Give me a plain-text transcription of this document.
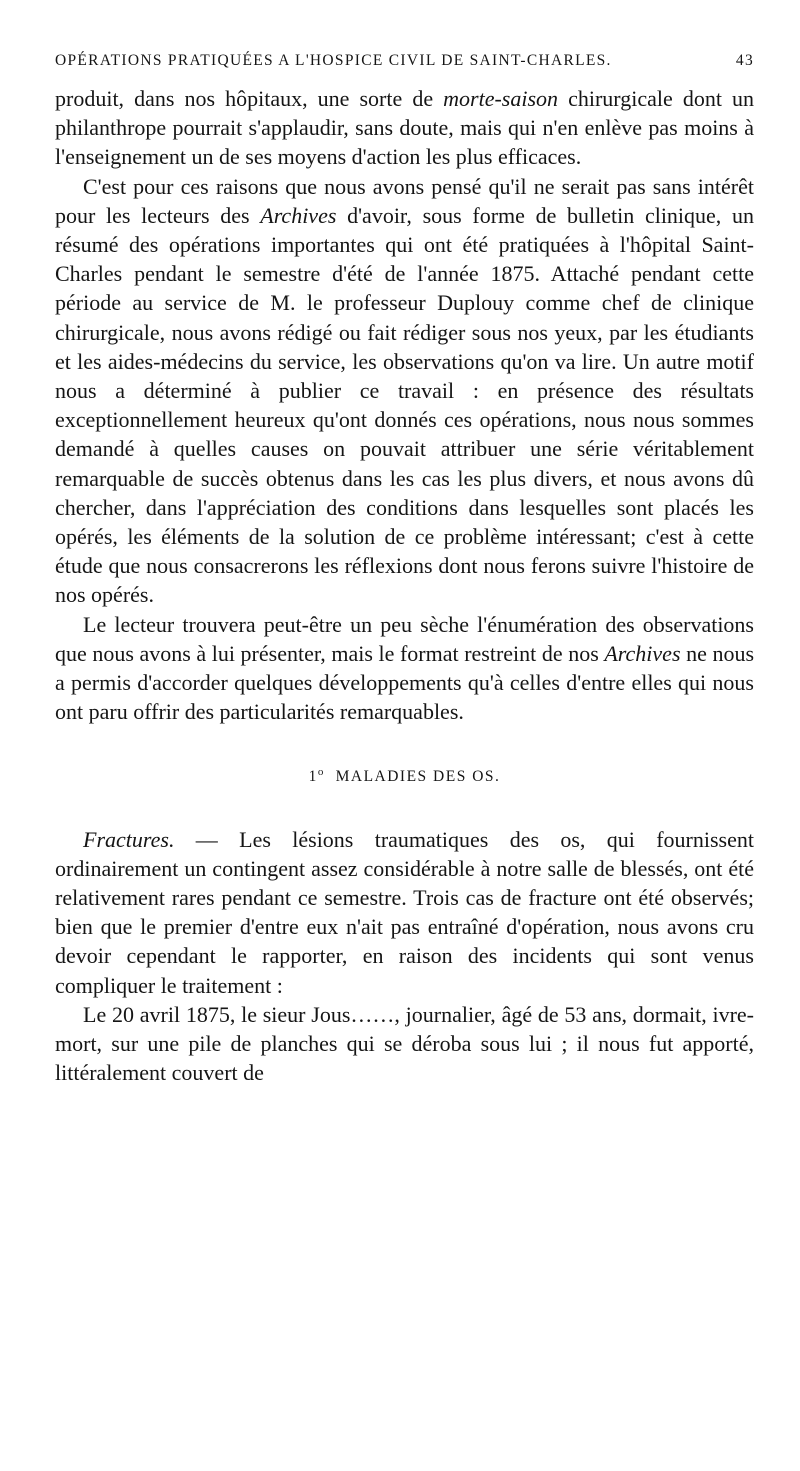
OPÉRATIONS PRATIQUÉES A L'HOSPICE CIVIL DE SAINT-CHARLES.	43

produit, dans nos hôpitaux, une sorte de morte-saison chirurgicale dont un philanthrope pourrait s'applaudir, sans doute, mais qui n'en enlève pas moins à l'enseignement un de ses moyens d'action les plus efficaces.

C'est pour ces raisons que nous avons pensé qu'il ne serait pas sans intérêt pour les lecteurs des Archives d'avoir, sous forme de bulletin clinique, un résumé des opérations importantes qui ont été pratiquées à l'hôpital Saint-Charles pendant le semestre d'été de l'année 1875. Attaché pendant cette période au service de M. le professeur Duplouy comme chef de clinique chirurgicale, nous avons rédigé ou fait rédiger sous nos yeux, par les étudiants et les aides-médecins du service, les observations qu'on va lire. Un autre motif nous a déterminé à publier ce travail : en présence des résultats exceptionnellement heureux qu'ont donnés ces opérations, nous nous sommes demandé à quelles causes on pouvait attribuer une série véritablement remarquable de succès obtenus dans les cas les plus divers, et nous avons dû chercher, dans l'appréciation des conditions dans lesquelles sont placés les opérés, les éléments de la solution de ce problème intéressant; c'est à cette étude que nous consacrerons les réflexions dont nous ferons suivre l'histoire de nos opérés.

Le lecteur trouvera peut-être un peu sèche l'énumération des observations que nous avons à lui présenter, mais le format restreint de nos Archives ne nous a permis d'accorder quelques développements qu'à celles d'entre elles qui nous ont paru offrir des particularités remarquables.

1$^o$ MALADIES DES OS.

Fractures. — Les lésions traumatiques des os, qui fournissent ordinairement un contingent assez considérable à notre salle de blessés, ont été relativement rares pendant ce semestre. Trois cas de fracture ont été observés; bien que le premier d'entre eux n'ait pas entraîné d'opération, nous avons cru devoir cependant le rapporter, en raison des incidents qui sont venus compliquer le traitement :

Le 20 avril 1875, le sieur Jous……, journalier, âgé de 53 ans, dormait, ivre-mort, sur une pile de planches qui se déroba sous lui ; il nous fut apporté, littéralement couvert de
